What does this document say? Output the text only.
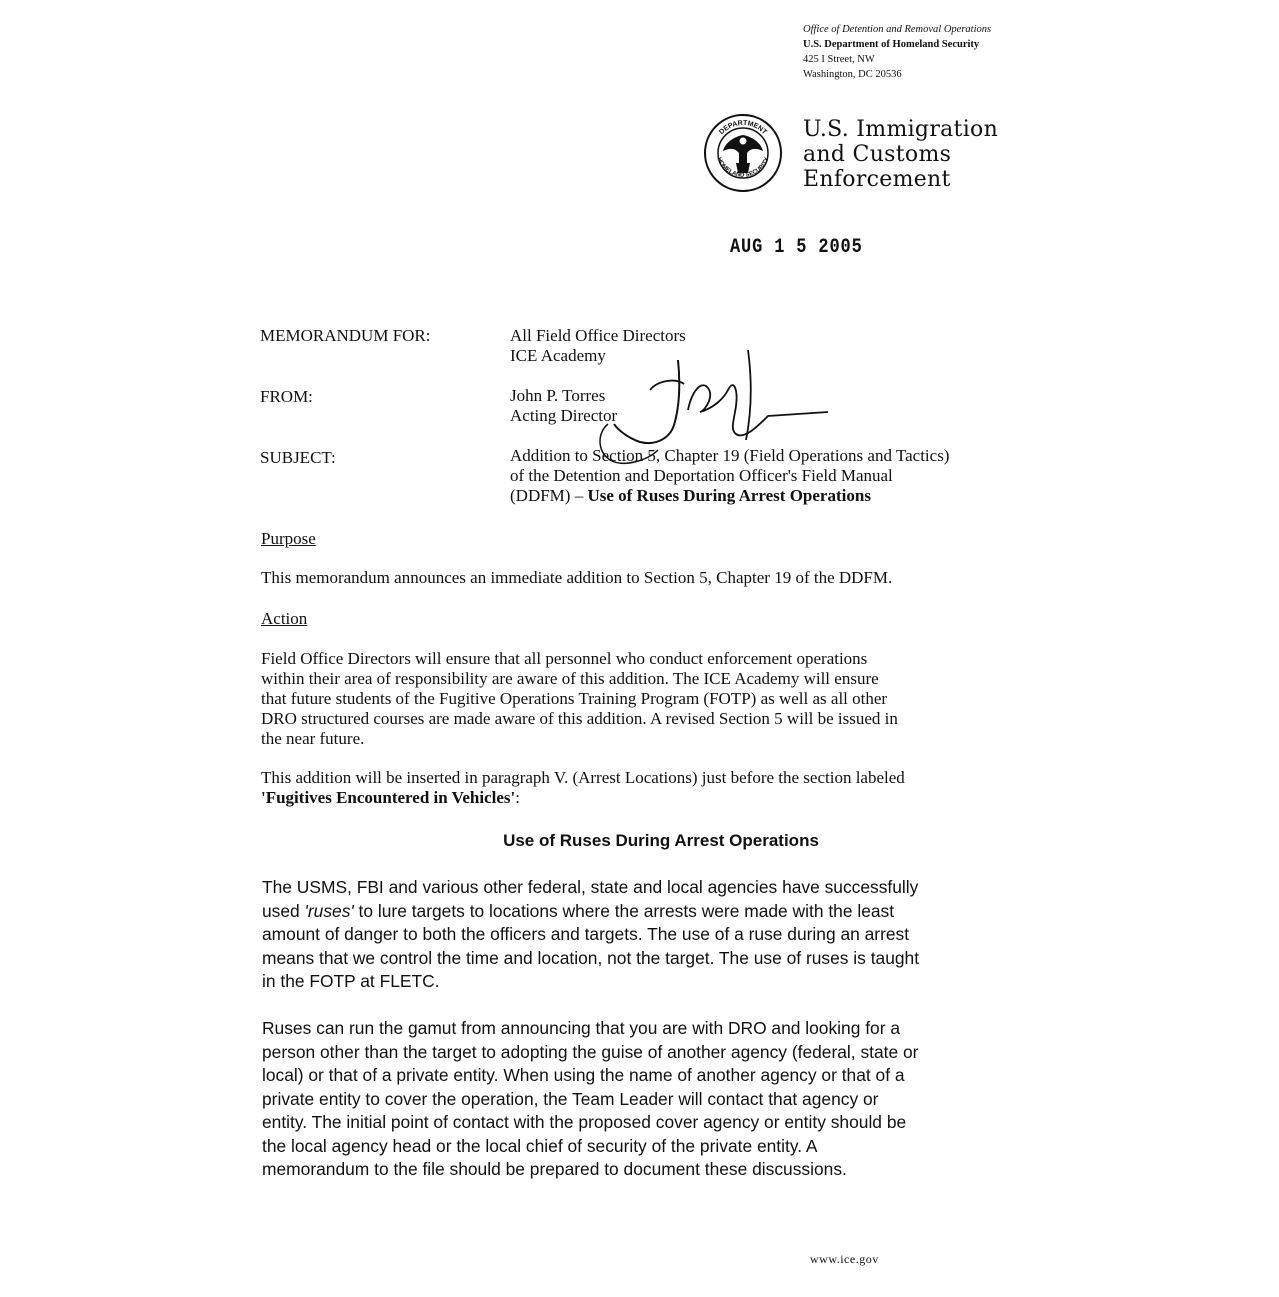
Office of Detention and Removal Operations
U.S. Department of Homeland Security
425 I Street, NW
Washington, DC 20536
DEPARTMENT
HOMELAND SECURITY
U.S. Immigration
and Customs
Enforcement
AUG 1 5 2005
MEMORANDUM FOR:	All Field Office Directors
ICE Academy
FROM:	John P. Torres
Acting Director
SUBJECT:	Addition to Section 5, Chapter 19 (Field Operations and Tactics)
of the Detention and Deportation Officer's Field Manual
(DDFM) – Use of Ruses During Arrest Operations
Purpose
This memorandum announces an immediate addition to Section 5, Chapter 19 of the DDFM.
Action
Field Office Directors will ensure that all personnel who conduct enforcement operations
within their area of responsibility are aware of this addition. The ICE Academy will ensure
that future students of the Fugitive Operations Training Program (FOTP) as well as all other
DRO structured courses are made aware of this addition. A revised Section 5 will be issued in
the near future.
This addition will be inserted in paragraph V. (Arrest Locations) just before the section labeled
'Fugitives Encountered in Vehicles':
Use of Ruses During Arrest Operations
The USMS, FBI and various other federal, state and local agencies have successfully
used 'ruses' to lure targets to locations where the arrests were made with the least
amount of danger to both the officers and targets. The use of a ruse during an arrest
means that we control the time and location, not the target. The use of ruses is taught
in the FOTP at FLETC.
Ruses can run the gamut from announcing that you are with DRO and looking for a
person other than the target to adopting the guise of another agency (federal, state or
local) or that of a private entity. When using the name of another agency or that of a
private entity to cover the operation, the Team Leader will contact that agency or
entity. The initial point of contact with the proposed cover agency or entity should be
the local agency head or the local chief of security of the private entity. A
memorandum to the file should be prepared to document these discussions.
www.ice.gov
